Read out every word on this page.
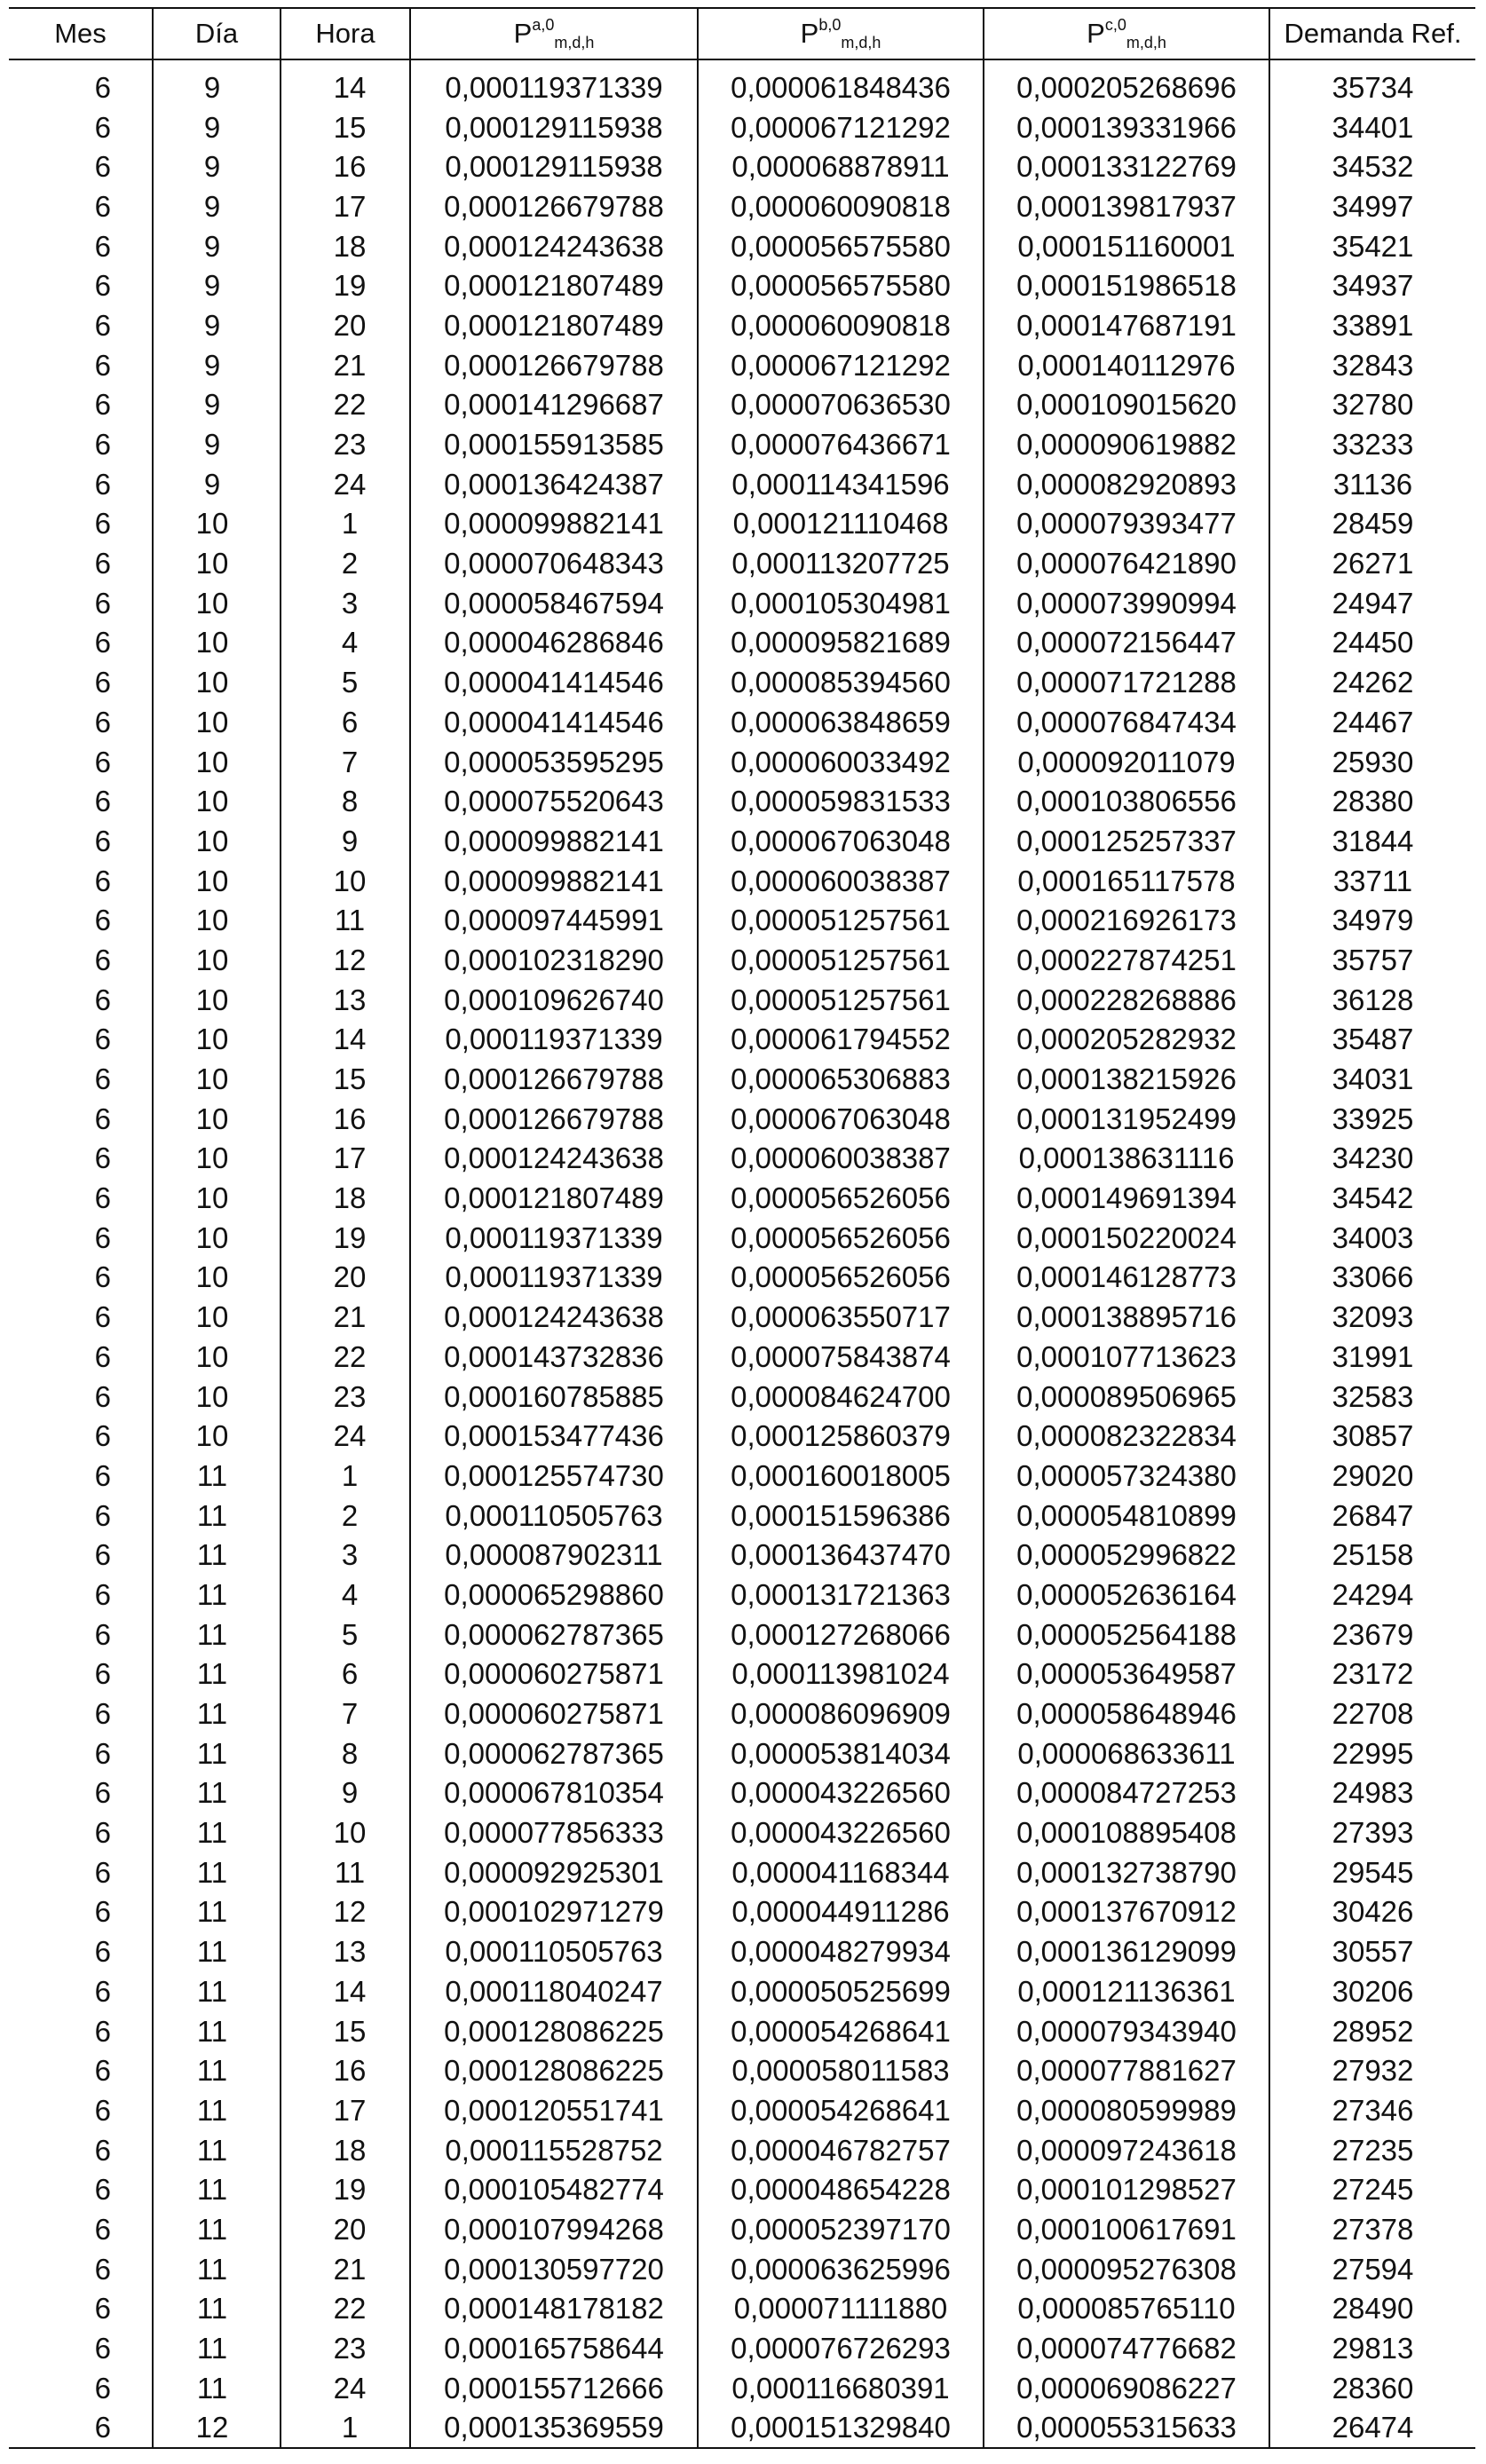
Mes	Día	Hora	P$^{a,0}_{m,d,h}$	P$^{b,0}_{m,d,h}$	P$^{c,0}_{m,d,h}$	Demanda Ref.
6	9	14	0,000119371339	0,000061848436	0,000205268696	35734
6	9	15	0,000129115938	0,000067121292	0,000139331966	34401
6	9	16	0,000129115938	0,000068878911	0,000133122769	34532
6	9	17	0,000126679788	0,000060090818	0,000139817937	34997
6	9	18	0,000124243638	0,000056575580	0,000151160001	35421
6	9	19	0,000121807489	0,000056575580	0,000151986518	34937
6	9	20	0,000121807489	0,000060090818	0,000147687191	33891
6	9	21	0,000126679788	0,000067121292	0,000140112976	32843
6	9	22	0,000141296687	0,000070636530	0,000109015620	32780
6	9	23	0,000155913585	0,000076436671	0,000090619882	33233
6	9	24	0,000136424387	0,000114341596	0,000082920893	31136
6	10	1	0,000099882141	0,000121110468	0,000079393477	28459
6	10	2	0,000070648343	0,000113207725	0,000076421890	26271
6	10	3	0,000058467594	0,000105304981	0,000073990994	24947
6	10	4	0,000046286846	0,000095821689	0,000072156447	24450
6	10	5	0,000041414546	0,000085394560	0,000071721288	24262
6	10	6	0,000041414546	0,000063848659	0,000076847434	24467
6	10	7	0,000053595295	0,000060033492	0,000092011079	25930
6	10	8	0,000075520643	0,000059831533	0,000103806556	28380
6	10	9	0,000099882141	0,000067063048	0,000125257337	31844
6	10	10	0,000099882141	0,000060038387	0,000165117578	33711
6	10	11	0,000097445991	0,000051257561	0,000216926173	34979
6	10	12	0,000102318290	0,000051257561	0,000227874251	35757
6	10	13	0,000109626740	0,000051257561	0,000228268886	36128
6	10	14	0,000119371339	0,000061794552	0,000205282932	35487
6	10	15	0,000126679788	0,000065306883	0,000138215926	34031
6	10	16	0,000126679788	0,000067063048	0,000131952499	33925
6	10	17	0,000124243638	0,000060038387	0,000138631116	34230
6	10	18	0,000121807489	0,000056526056	0,000149691394	34542
6	10	19	0,000119371339	0,000056526056	0,000150220024	34003
6	10	20	0,000119371339	0,000056526056	0,000146128773	33066
6	10	21	0,000124243638	0,000063550717	0,000138895716	32093
6	10	22	0,000143732836	0,000075843874	0,000107713623	31991
6	10	23	0,000160785885	0,000084624700	0,000089506965	32583
6	10	24	0,000153477436	0,000125860379	0,000082322834	30857
6	11	1	0,000125574730	0,000160018005	0,000057324380	29020
6	11	2	0,000110505763	0,000151596386	0,000054810899	26847
6	11	3	0,000087902311	0,000136437470	0,000052996822	25158
6	11	4	0,000065298860	0,000131721363	0,000052636164	24294
6	11	5	0,000062787365	0,000127268066	0,000052564188	23679
6	11	6	0,000060275871	0,000113981024	0,000053649587	23172
6	11	7	0,000060275871	0,000086096909	0,000058648946	22708
6	11	8	0,000062787365	0,000053814034	0,000068633611	22995
6	11	9	0,000067810354	0,000043226560	0,000084727253	24983
6	11	10	0,000077856333	0,000043226560	0,000108895408	27393
6	11	11	0,000092925301	0,000041168344	0,000132738790	29545
6	11	12	0,000102971279	0,000044911286	0,000137670912	30426
6	11	13	0,000110505763	0,000048279934	0,000136129099	30557
6	11	14	0,000118040247	0,000050525699	0,000121136361	30206
6	11	15	0,000128086225	0,000054268641	0,000079343940	28952
6	11	16	0,000128086225	0,000058011583	0,000077881627	27932
6	11	17	0,000120551741	0,000054268641	0,000080599989	27346
6	11	18	0,000115528752	0,000046782757	0,000097243618	27235
6	11	19	0,000105482774	0,000048654228	0,000101298527	27245
6	11	20	0,000107994268	0,000052397170	0,000100617691	27378
6	11	21	0,000130597720	0,000063625996	0,000095276308	27594
6	11	22	0,000148178182	0,000071111880	0,000085765110	28490
6	11	23	0,000165758644	0,000076726293	0,000074776682	29813
6	11	24	0,000155712666	0,000116680391	0,000069086227	28360
6	12	1	0,000135369559	0,000151329840	0,000055315633	26474
